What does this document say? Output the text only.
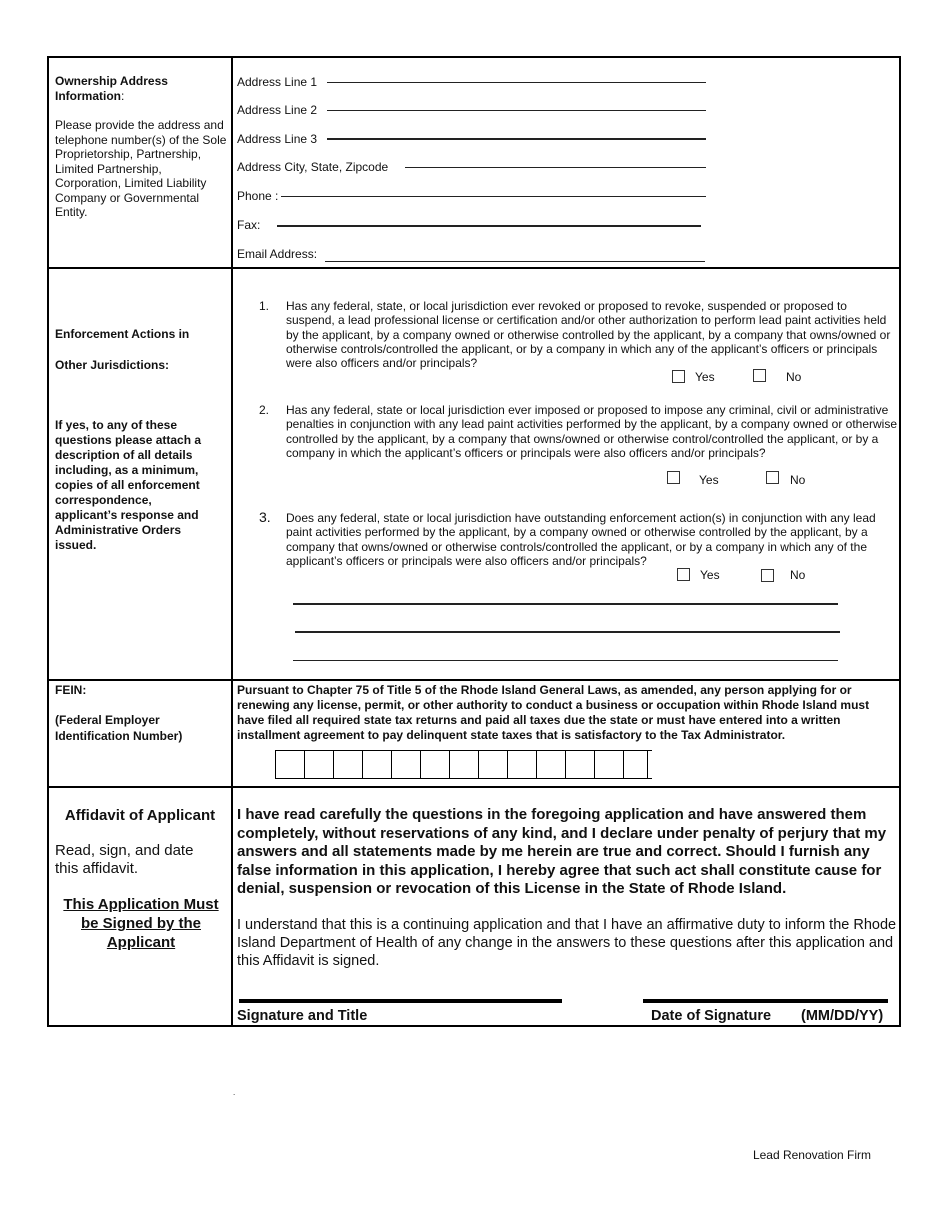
Ownership Address Information:
Please provide the address and telephone number(s) of the Sole Proprietorship, Partnership, Limited Partnership, Corporation, Limited Liability Company or Governmental Entity.
Address Line 1
Address Line 2
Address Line 3
Address City, State, Zipcode
Phone :
Fax:
Email Address:
Enforcement Actions in
Other Jurisdictions:
If yes, to any of these questions please attach a description of all details including, as a minimum, copies of all enforcement correspondence, applicant’s response and Administrative Orders issued.
1. Has any federal, state, or local jurisdiction ever revoked or proposed to revoke, suspended or proposed to suspend, a lead professional license or certification and/or other authorization to perform lead paint activities held by the applicant, by a company owned or otherwise controlled by the applicant, by a company that owns/owned or otherwise controls/controlled the applicant, or by a company in which any of the applicant’s officers or principals were also officers and/or principals?
Yes	No
2. Has any federal, state or local jurisdiction ever imposed or proposed to impose any criminal, civil or administrative penalties in conjunction with any lead paint activities performed by the applicant, by a company owned or otherwise controlled by the applicant, by a company that owns/owned or otherwise control/controlled the applicant, or by a company in which the applicant’s officers or principals were also officers and/or principals?
Yes	No
3. Does any federal, state or local jurisdiction have outstanding enforcement action(s) in conjunction with any lead paint activities performed by the applicant, by a company owned or otherwise controlled by the applicant, by a company that owns/owned or otherwise controls/controlled the applicant, or by a company in which any of the applicant’s officers or principals were also officers and/or principals?
Yes	No
FEIN:
(Federal Employer Identification Number)
Pursuant to Chapter 75 of Title 5 of the Rhode Island General Laws, as amended, any person applying for or renewing any license, permit, or other authority to conduct a business or occupation within Rhode Island must have filed all required state tax returns and paid all taxes due the state or must have entered into a written installment agreement to pay delinquent state taxes that is satisfactory to the Tax Administrator.
Affidavit of Applicant
Read, sign, and date this affidavit.
This Application Must be Signed by the Applicant
I have read carefully the questions in the foregoing application and have answered them completely, without reservations of any kind, and I declare under penalty of perjury that my answers and all statements made by me herein are true and correct. Should I furnish any false information in this application, I hereby agree that such act shall constitute cause for denial, suspension or revocation of this License in the State of Rhode Island.
I understand that this is a continuing application and that I have an affirmative duty to inform the Rhode Island Department of Health of any change in the answers to these questions after this application and this Affidavit is signed.
Signature and Title	Date of Signature (MM/DD/YY)
.
Lead Renovation Firm
